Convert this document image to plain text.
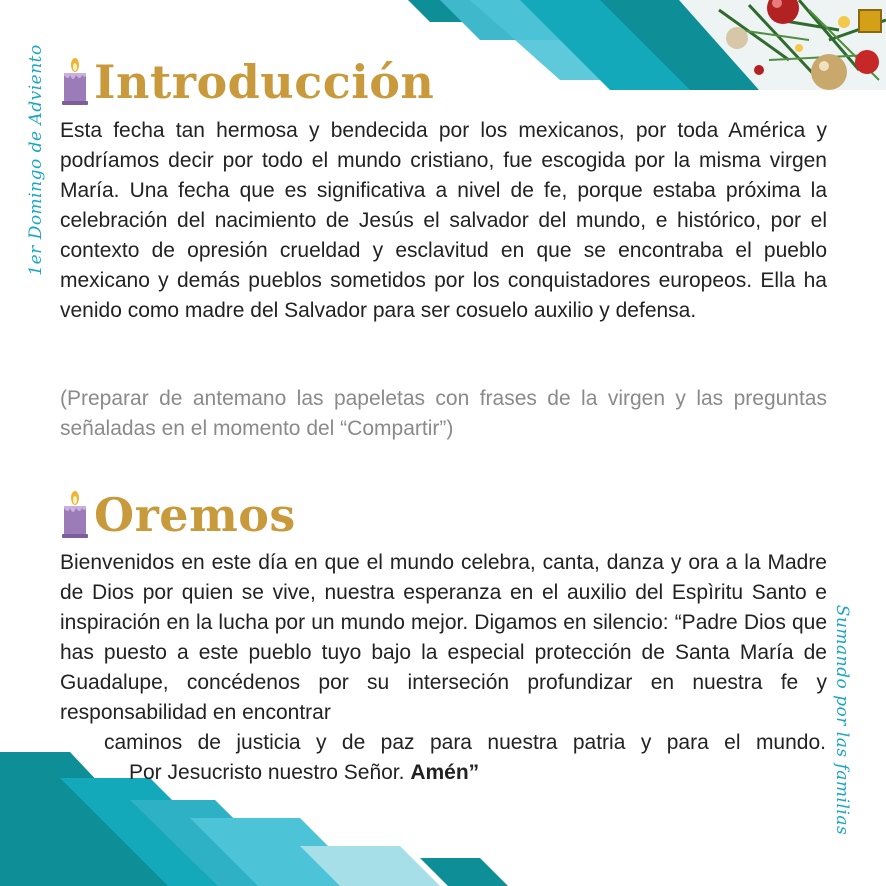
1er Domingo de Adviento
Sumando por las familias
Introducción

Esta fecha tan hermosa y bendecida por los mexicanos, por toda América y podríamos decir por todo el mundo cristiano, fue escogida por la misma virgen María. Una fecha que es significativa a nivel de fe, porque estaba próxima la celebración del nacimiento de Jesús el salvador del mundo, e histórico, por el contexto de opresión crueldad y esclavitud en que se encontraba el pueblo mexicano y demás pueblos sometidos por los conquistadores europeos. Ella ha venido como madre del Salvador para ser cosuelo auxilio y defensa.

(Preparar de antemano las papeletas con frases de la virgen y las preguntas señaladas en el momento del “Compartir”)

Oremos

Bienvenidos en este día en que el mundo celebra, canta, danza y ora a la Madre de Dios por quien se vive, nuestra esperanza en el auxilio del Espìritu Santo e inspiración en la lucha por un mundo mejor. Digamos en silencio: “Padre Dios que has puesto a este pueblo tuyo bajo la especial protección de Santa María de Guadalupe, concédenos por su interseción profundizar en nuestra fe y responsabilidad en encontrar

caminos de justicia y de paz para nuestra patria y para el mundo.
Por Jesucristo nuestro Señor. Amén”
